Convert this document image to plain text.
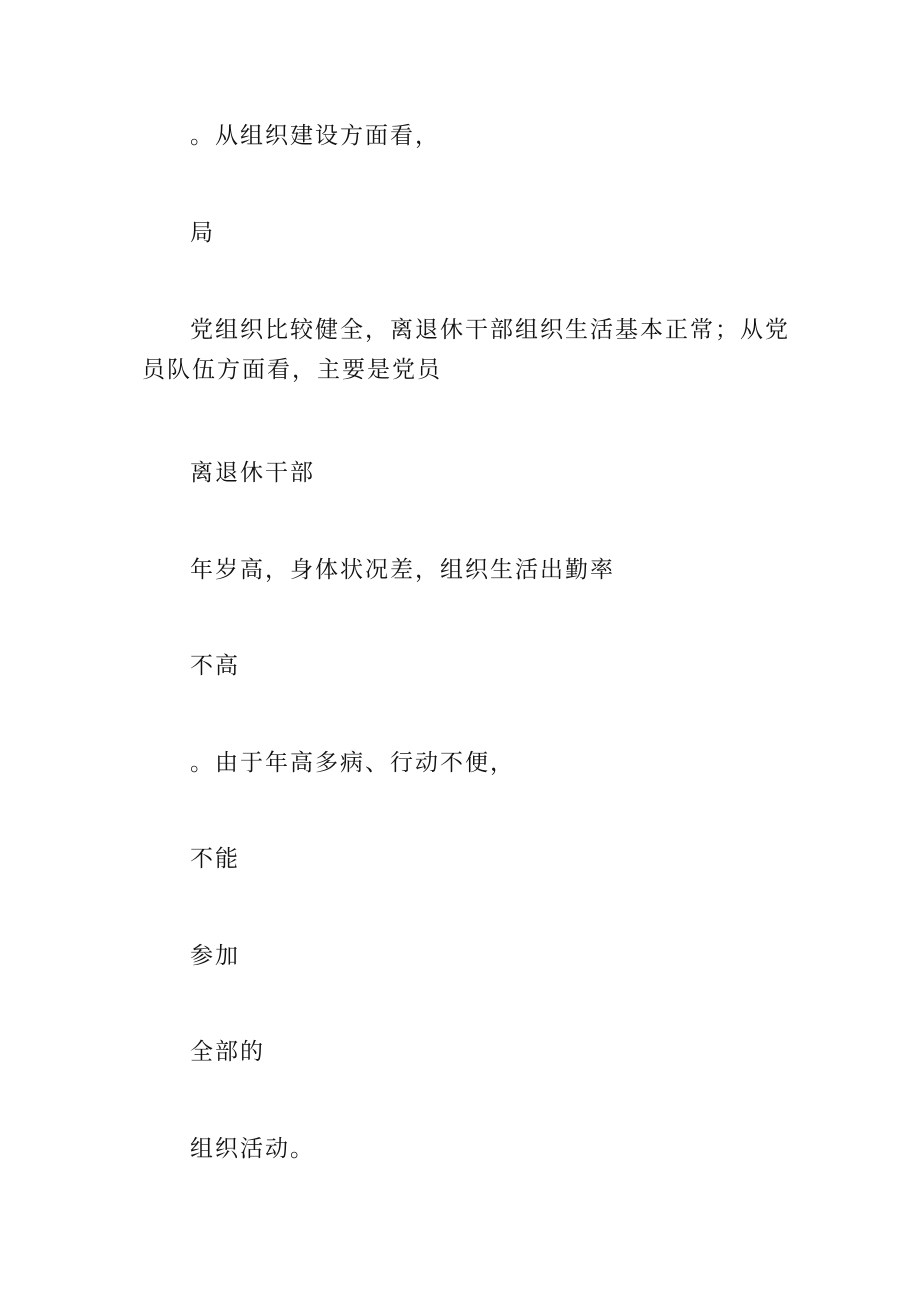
。从组织建设方面看，
局
党组织比较健全，离退休干部组织生活基本正常；从党员队伍方面看，主要是党员
离退休干部
年岁高，身体状况差，组织生活出勤率
不高
。由于年高多病、行动不便，
不能
参加
全部的
组织活动。
